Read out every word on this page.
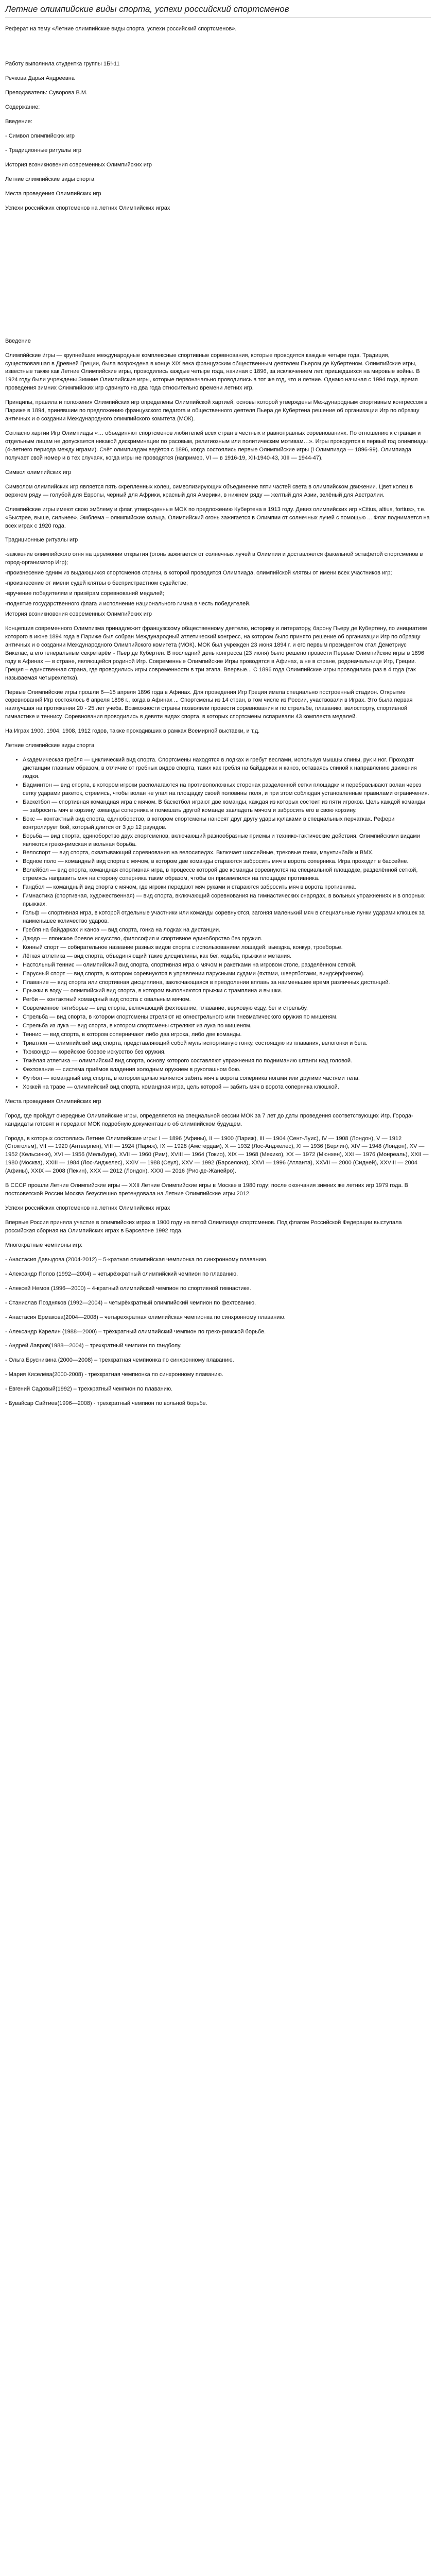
Летние олимпийские виды спорта, успехи российский спортсменов

Реферат на тему «Летние олимпийские виды спорта, успехи российский спортсменов».

Работу выполнила студентка группы 1Б!-11

Речкова Дарья Андреевна

Преподаватель: Суворова В.М.

Содержание:

Введение:

- Символ олимпийских игр

- Традиционные ритуалы игр

История возникновения современных Олимпийских игр

Летние олимпийские виды спорта

Места проведения Олимпийских игр

Успехи российских спортсменов на летних Олимпийских играх

Введение

Олимпи́йские и́гры — крупнейшие международные комплексные спортивные соревнования, которые проводятся каждые четыре года. Традиция, существовавшая в Древней Греции, была возрождена в конце XIX века французским общественным деятелем Пьером де Кубертеном. Олимпийские игры, известные также как Летние Олимпийские игры, проводились каждые четыре года, начиная с 1896, за исключением лет, пришедшихся на мировые войны. В 1924 году были учреждены Зимние Олимпийские игры, которые первоначально проводились в тот же год, что и летние. Однако начиная с 1994 года, время проведения зимних Олимпийских игр сдвинуто на два года относительно времени летних игр.

Принципы, правила и положения Олимпийских игр определены Олимпийской хартией, основы которой утверждены Международным спортивным конгрессом в Париже в 1894, принявшим по предложению французского педагога и общественного деятеля Пьера де Кубертена решение об организации Игр по образцу античных и о создании Международного олимпийского комитета (МОК).

Согласно хартии Игр Олимпиады «… объединяют спортсменов любителей всех стран в честных и равноправных соревнованиях. По отношению к странам и отдельным лицам не допускается никакой дискриминации по расовым, религиозным или политическим мотивам…». Игры проводятся в первый год олимпиады (4-летнего периода между играми). Счёт олимпиадам ведётся с 1896, когда состоялись первые Олимпийские игры (I Олимпиада — 1896-99). Олимпиада получает свой номер и в тех случаях, когда игры не проводятся (например, VI — в 1916-19, XII-1940-43, XIII — 1944-47).

Символ олимпийских игр

Символом олимпийских игр является пять скрепленных колец, символизирующих объединение пяти частей света в олимпийском движении. Цвет колец в верхнем ряду — голубой для Европы, чёрный для Африки, красный для Америки, в нижнем ряду — желтый для Азии, зелёный для Австралии.

Олимпийские игры имеют свою эмблему и флаг, утвержденные МОК по предложению Кубертена в 1913 году. Девиз олимпийских игр «Citius, altius, fortius», т.е. «Быстрее, выше, сильнее». Эмблема – олимпийские кольца. Олимпийский огонь зажигается в Олимпии от солнечных лучей с помощью ... Флаг поднимается на всех играх с 1920 года.

Традиционные ритуалы игр

-зажжение олимпийского огня на церемонии открытия (огонь зажигается от солнечных лучей в Олимпии и доставляется факельной эстафетой спортсменов в город-организатор Игр);

-произнесение одним из выдающихся спортсменов страны, в которой проводится Олимпиада, олимпийской клятвы от имени всех участников игр;

-произнесение от имени судей клятвы о беспристрастном судействе;

-вручение победителям и призёрам соревнований медалей;

-поднятие государственного флага и исполнение национального гимна в честь победителей.

История возникновения современных Олимпийских игр

Концепция современного Олимпизма принадлежит французскому общественному деятелю, историку и литератору, барону Пьеру де Кубертену, по инициативе которого в июне 1894 года в Париже был собран Международный атлетический конгресс, на котором было принято решение об организации Игр по образцу античных и о создании Международного Олимпийского комитета (МОК). МОК был учрежден 23 июня 1894 г. и его первым президентом стал Деметриус Викелас, а его генеральным секретарём - Пьер де Кубертен. В последний день конгресса (23 июня) было решено провести Первые Олимпийские игры в 1896 году в Афинах — в стране, являющейся родиной Игр. Современные Олимпийские Игры проводятся в Афинах, а не в стране, родоначальнице Игр, Греции. Греция – единственная страна, где проводились игры современности в три этапа. Впервые... С 1896 года Олимпийские игры проводились раз в 4 года (так называемая четырехлетка).

Первые Олимпийские игры прошли 6—15 апреля 1896 года в Афинах. Для проведения Игр Греция имела специально построенный стадион. Открытие соревнований Игр состоялось 6 апреля 1896 г., когда в Афинах ... Спортсмены из 14 стран, в том числе из России, участвовали в Играх. Это была первая наилучшая на протяжении 20 - 25 лет учеба. Возможности страны позволили провести соревнования и по стрельбе, плаванию, велоспорту, спортивной гимнастике и теннису. Соревнования проводились в девяти видах спорта, в которых спортсмены оспаривали 43 комплекта медалей.

На Играх 1900, 1904, 1908, 1912 годов, также проходивших в рамках Всемирной выставки, и т.д.

Летние олимпийские виды спорта

• Академическая гребля — циклический вид спорта. Спортсмены находятся в лодках и гребут веслами, используя мышцы спины, рук и ног. Проходят дистанции главным образом, в отличие от гребных видов спорта, таких как гребля на байдарках и каноэ, оставаясь спиной к направлению движения лодки.
• Бадминтон — вид спорта, в котором игроки располагаются на противоположных сторонах разделенной сетки площадки и перебрасывают волан через сетку ударами ракеток, стремясь, чтобы волан не упал на площадку своей половины поля, и при этом соблюдая установленные правилами ограничения.
• Баскетбол — спортивная командная игра с мячом. В баскетбол играют две команды, каждая из которых состоит из пяти игроков. Цель каждой команды — забросить мяч в корзину команды соперника и помешать другой команде завладеть мячом и забросить его в свою корзину.
• Бокс — контактный вид спорта, единоборство, в котором спортсмены наносят друг другу удары кулаками в специальных перчатках. Рефери контролирует бой, который длится от 3 до 12 раундов.
• Борьба — вид спорта, единоборство двух спортсменов, включающий разнообразные приемы и технико-тактические действия. Олимпийскими видами являются греко-римская и вольная борьба.
• Велоспорт — вид спорта, охватывающий соревнования на велосипедах. Включает шоссейные, трековые гонки, маунтинбайк и BMX.
• Водное поло — командный вид спорта с мячом, в котором две команды стараются забросить мяч в ворота соперника. Игра проходит в бассейне.
• Волейбол — вид спорта, командная спортивная игра, в процессе которой две команды соревнуются на специальной площадке, разделённой сеткой, стремясь направить мяч на сторону соперника таким образом, чтобы он приземлился на площадке противника.
• Гандбол — командный вид спорта с мячом, где игроки передают мяч руками и стараются забросить мяч в ворота противника.
• Гимнастика (спортивная, художественная) — вид спорта, включающий соревнования на гимнастических снарядах, в вольных упражнениях и в опорных прыжках.
• Гольф — спортивная игра, в которой отдельные участники или команды соревнуются, загоняя маленький мяч в специальные лунки ударами клюшек за наименьшее количество ударов.
• Гребля на байдарках и каноэ — вид спорта, гонка на лодках на дистанции.
• Дзюдо — японское боевое искусство, философия и спортивное единоборство без оружия.
• Конный спорт — собирательное название разных видов спорта с использованием лошадей: выездка, конкур, троеборье.
• Лёгкая атлетика — вид спорта, объединяющий такие дисциплины, как бег, ходьба, прыжки и метания.
• Настольный теннис — олимпийский вид спорта, спортивная игра с мячом и ракетками на игровом столе, разделённом сеткой.
• Парусный спорт — вид спорта, в котором соревнуются в управлении парусными судами (яхтами, швертботами, виндсёрфингом).
• Плавание — вид спорта или спортивная дисциплина, заключающаяся в преодолении вплавь за наименьшее время различных дистанций.
• Прыжки в воду — олимпийский вид спорта, в котором выполняются прыжки с трамплина и вышки.
• Регби — контактный командный вид спорта с овальным мячом.
• Современное пятиборье — вид спорта, включающий фехтование, плавание, верховую езду, бег и стрельбу.
• Стрельба — вид спорта, в котором спортсмены стреляют из огнестрельного или пневматического оружия по мишеням.
• Стрельба из лука — вид спорта, в котором спортсмены стреляют из лука по мишеням.
• Теннис — вид спорта, в котором соперничают либо два игрока, либо две команды.
• Триатлон — олимпийский вид спорта, представляющий собой мультиспортивную гонку, состоящую из плавания, велогонки и бега.
• Тхэквондо — корейское боевое искусство без оружия.
• Тяжёлая атлетика — олимпийский вид спорта, основу которого составляют упражнения по подниманию штанги над головой.
• Фехтование — система приёмов владения холодным оружием в рукопашном бою.
• Футбол — командный вид спорта, в котором целью является забить мяч в ворота соперника ногами или другими частями тела.
• Хоккей на траве — олимпийский вид спорта, командная игра, цель которой — забить мяч в ворота соперника клюшкой.

Места проведения Олимпийских игр

Город, где пройдут очередные Олимпийские игры, определяется на специальной сессии МОК за 7 лет до даты проведения соответствующих Игр. Города-кандидаты готовят и передают МОК подробную документацию об олимпийском будущем.

Города, в которых состоялись Летние Олимпийские игры: I — 1896 (Афины), II — 1900 (Париж), III — 1904 (Сент-Луис), IV — 1908 (Лондон), V — 1912 (Стокгольм), VII — 1920 (Антверпен), VIII — 1924 (Париж), IX — 1928 (Амстердам), X — 1932 (Лос-Анджелес), XI — 1936 (Берлин), XIV — 1948 (Лондон), XV — 1952 (Хельсинки), XVI — 1956 (Мельбурн), XVII — 1960 (Рим), XVIII — 1964 (Токио), XIX — 1968 (Мехико), XX — 1972 (Мюнхен), XXI — 1976 (Монреаль), XXII — 1980 (Москва), XXIII — 1984 (Лос-Анджелес), XXIV — 1988 (Сеул), XXV — 1992 (Барселона), XXVI — 1996 (Атланта), XXVII — 2000 (Сидней), XXVIII — 2004 (Афины), XXIX — 2008 (Пекин), XXX — 2012 (Лондон), XXXI — 2016 (Рио-де-Жанейро).

В СССР прошли Летние Олимпийские игры — XXII Летние Олимпийские игры в Москве в 1980 году; после окончания зимних же летних игр 1979 года. В постсоветской России Москва безуспешно претендовала на Летние Олимпийские игры 2012.

Успехи российских спортсменов на летних Олимпийских играх

Впервые Россия приняла участие в олимпийских играх в 1900 году на пятой Олимпиаде спортсменов. Под флагом Российской Федерации выступала российская сборная на Олимпийских играх в Барселоне 1992 года.

Многократные чемпионы игр:

- Анастасия Давыдова (2004-2012) – 5-кратная олимпийская чемпионка по синхронному плаванию.

- Александр Попов (1992—2004) – четырёхкратный олимпийский чемпион по плаванию.

- Алексей Немов (1996—2000) – 4-кратный олимпийский чемпион по спортивной гимнастике.

- Станислав Поздняков (1992—2004) – четырёхкратный олимпийский чемпион по фехтованию.

- Анастасия Ермакова(2004—2008) – четырехкратная олимпийская чемпионка по синхронному плаванию.

- Александр Карелин (1988—2000) – трёхкратный олимпийский чемпион по греко-римской борьбе.

- Андрей Лавров(1988—2004) – трехкратный чемпион по гандболу.

- Ольга Брусникина (2000—2008) – трехкратная чемпионка по синхронному плаванию.

- Мария Киселёва(2000-2008) - трехкратная чемпионка по синхронному плаванию.

- Евгений Садовый(1992) – трехкратный чемпион по плаванию.

- Бувайсар Сайтиев(1996—2008) - трехкратный чемпион по вольной борьбе.
